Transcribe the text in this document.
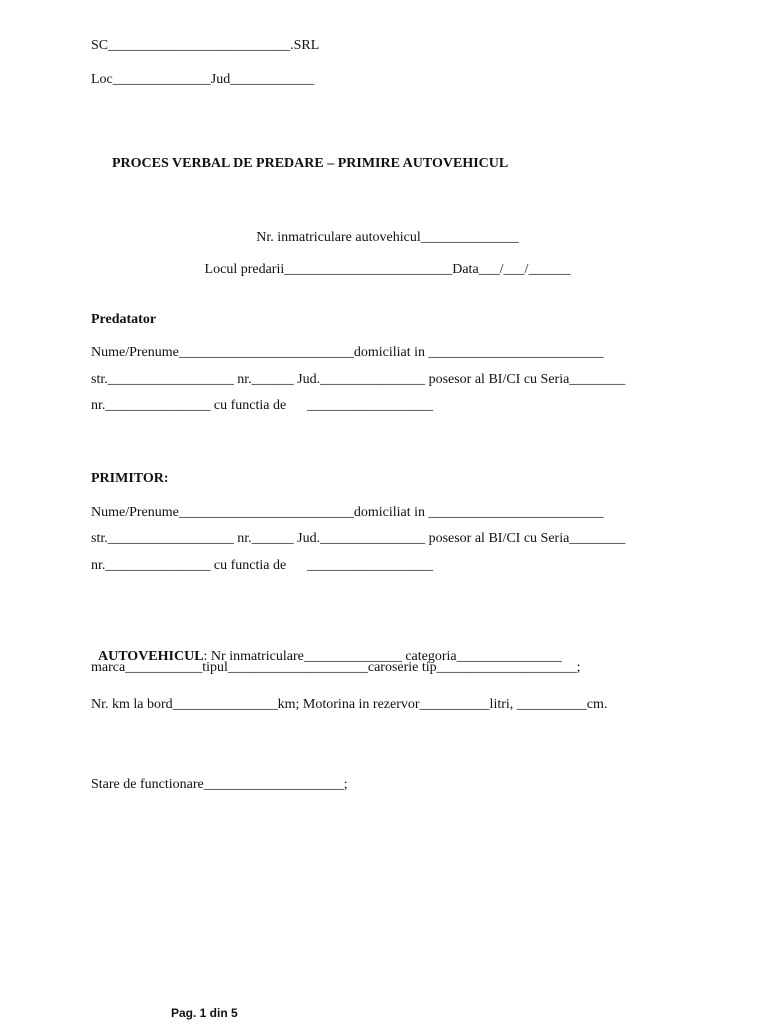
SC__________________________.SRL
Loc______________Jud____________
PROCES VERBAL DE PREDARE – PRIMIRE AUTOVEHICUL

Nr. inmatriculare autovehicul______________

Locul predarii________________________Data___/___/______

Predatator
Nume/Prenume_________________________domiciliat in _________________________
str.__________________ nr.______ Jud._______________ posesor al BI/CI cu Seria________
nr._______________ cu functia de      __________________
PRIMITOR:
Nume/Prenume_________________________domiciliat in _________________________
str.__________________ nr.______ Jud._______________ posesor al BI/CI cu Seria________
nr._______________ cu functia de      __________________

AUTOVEHICUL: Nr inmatriculare______________ categoria_______________

marca___________tipul____________________caroserie tip____________________;
Nr. km la bord_______________km; Motorina in rezervor__________litri, __________cm.
Stare de functionare____________________;
Pag. 1 din 5
